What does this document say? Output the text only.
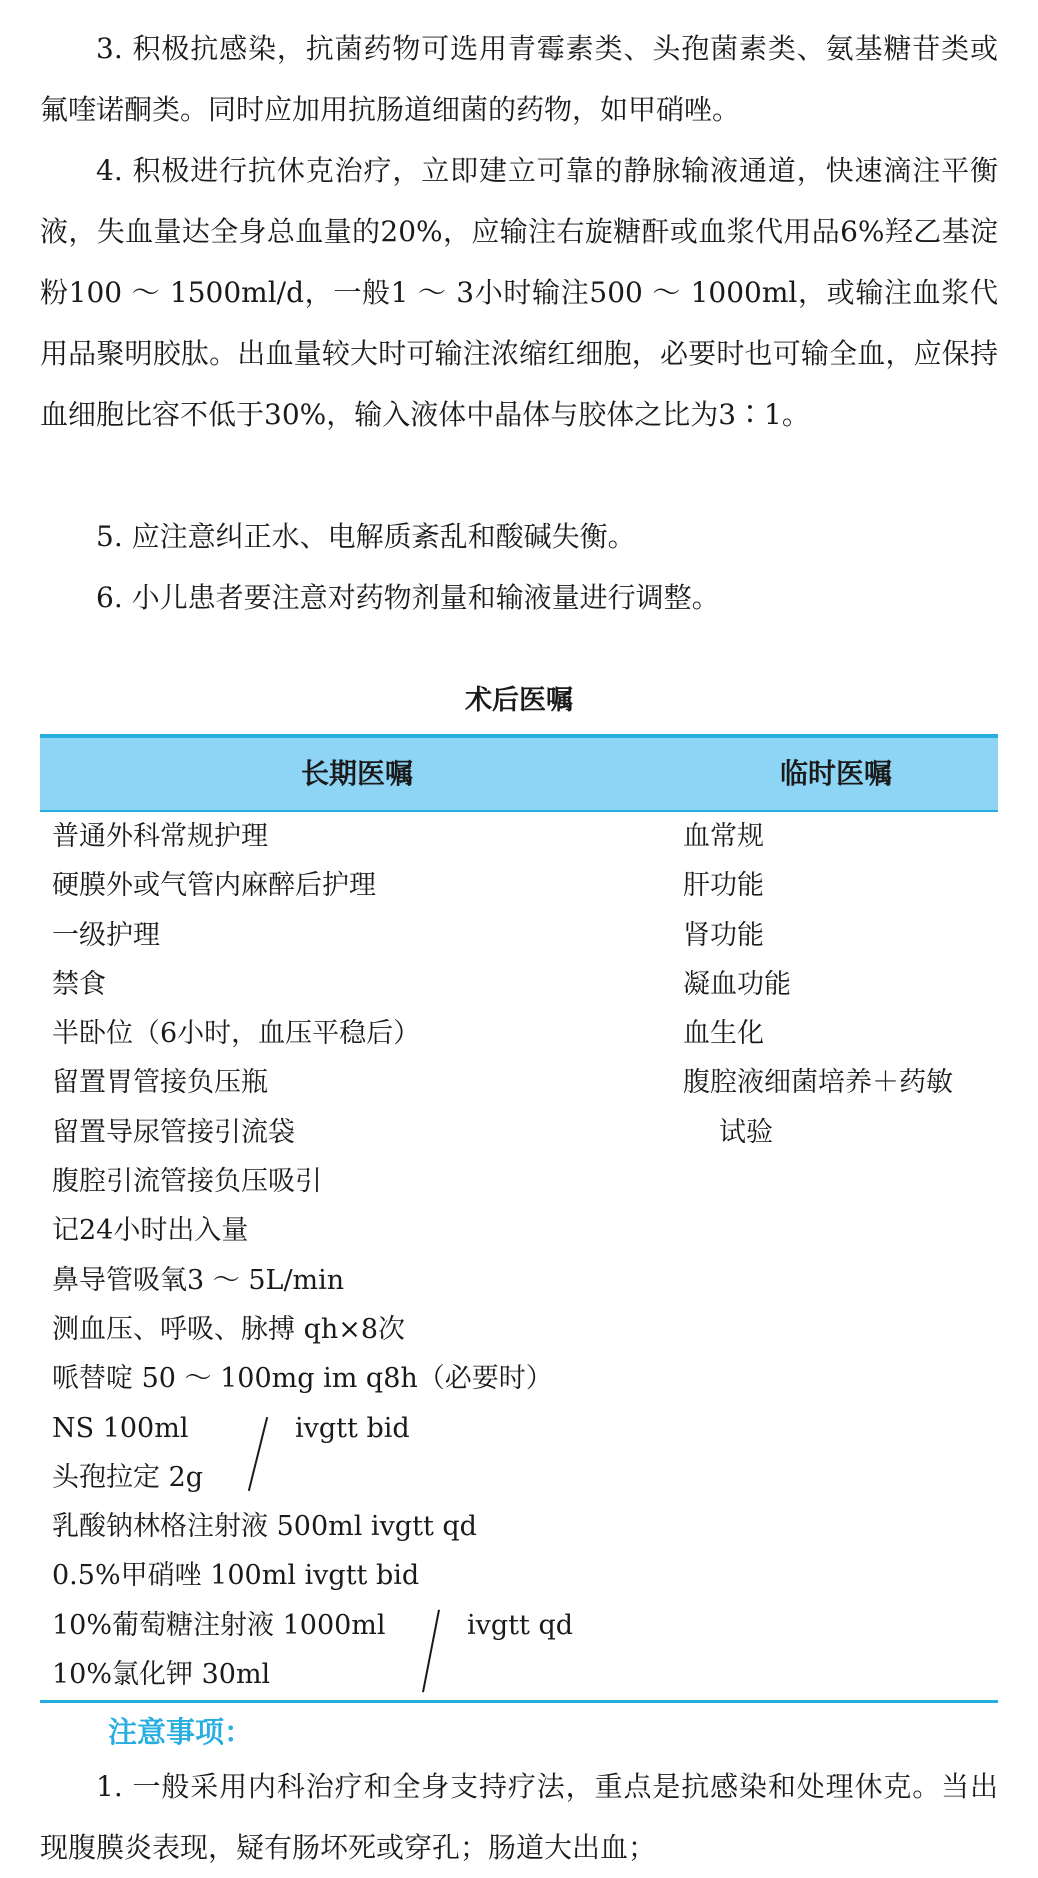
3. 积极抗感染，抗菌药物可选用青霉素类、头孢菌素类、氨基糖苷类或氟喹诺酮类。同时应加用抗肠道细菌的药物，如甲硝唑。

4. 积极进行抗休克治疗，立即建立可靠的静脉输液通道，快速滴注平衡液，失血量达全身总血量的20%，应输注右旋糖酐或血浆代用品6%羟乙基淀粉100 ～ 1500ml/d，一般1 ～ 3小时输注500 ～ 1000ml，或输注血浆代用品聚明胶肽。出血量较大时可输注浓缩红细胞，必要时也可输全血，应保持血细胞比容不低于30%，输入液体中晶体与胶体之比为3∶1。

5. 应注意纠正水、电解质紊乱和酸碱失衡。

6. 小儿患者要注意对药物剂量和输液量进行调整。

术后医嘱
长期医嘱	临时医嘱
普通外科常规护理
硬膜外或气管内麻醉后护理
一级护理
禁食
半卧位（6小时，血压平稳后）
留置胃管接负压瓶
留置导尿管接引流袋
腹腔引流管接负压吸引
记24小时出入量
鼻导管吸氧3 ～ 5L/min
测血压、呼吸、脉搏 qh×8次
哌替啶 50 ～ 100mg im q8h（必要时）
NS 100ml
头孢拉定 2g
ivgtt bid
乳酸钠林格注射液 500ml ivgtt qd
0.5%甲硝唑 100ml ivgtt bid
10%葡萄糖注射液 1000ml
10%氯化钾 30ml
ivgtt qd
血常规
肝功能
肾功能
凝血功能
血生化
腹腔液细菌培养＋药敏
试验
注意事项：

1. 一般采用内科治疗和全身支持疗法，重点是抗感染和处理休克。当出现腹膜炎表现，疑有肠坏死或穿孔；肠道大出血；
